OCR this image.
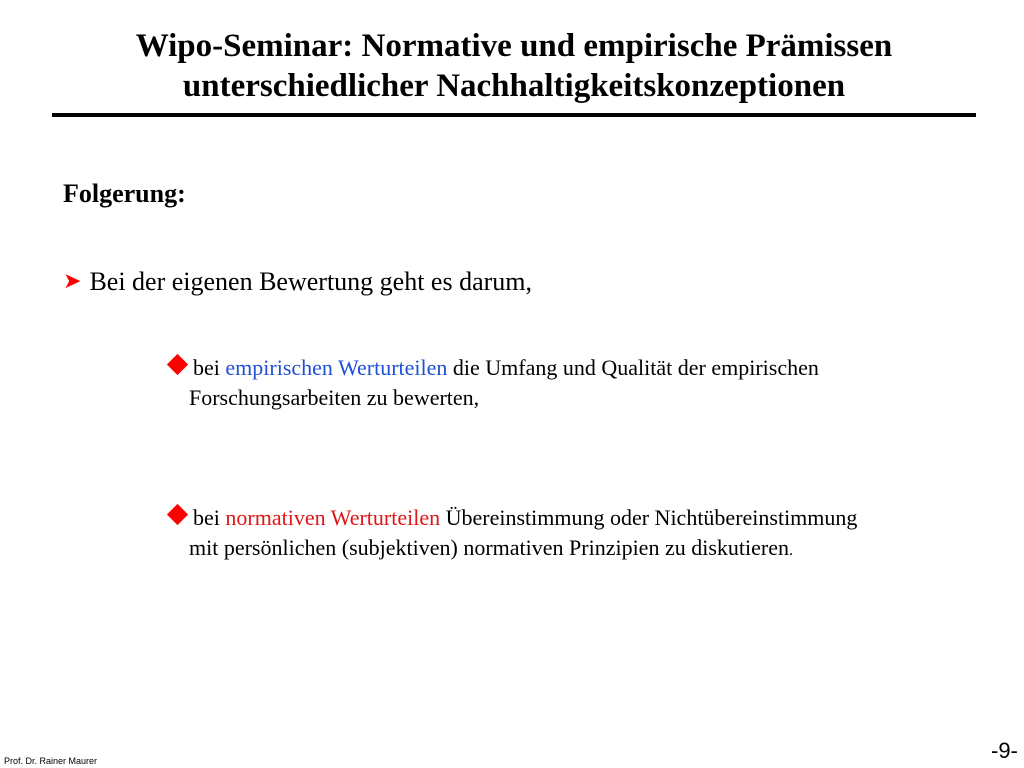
Wipo-Seminar: Normative und empirische Prämissen
unterschiedlicher Nachhaltigkeitskonzeptionen
Folgerung:
➤ Bei der eigenen Bewertung geht es darum,
bei empirischen Werturteilen die Umfang und Qualität der empirischen
Forschungsarbeiten zu bewerten,
bei normativen Werturteilen Übereinstimmung oder Nichtübereinstimmung
mit persönlichen (subjektiven) normativen Prinzipien zu diskutieren.
Prof. Dr. Rainer Maurer	-9-
